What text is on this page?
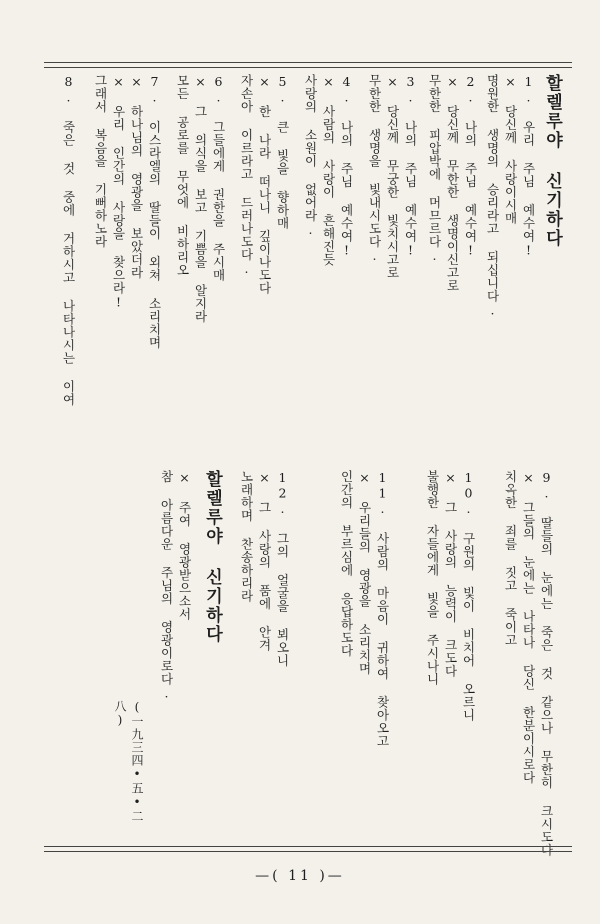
할렐루야 신기하다
1. 우리 주님 예수여!
× 당신께 사랑이시매
명원한 생명의 승리라고 되십니다.
2. 나의 주님 예수여!
× 당신께 무한한 생명이신고로
무한한 피압박에 머므르다.
3. 나의 주님 예수여!
× 당신께 무궁한 빛치시고로
무한한 생명을 빛내시도다.
4. 나의 주님 예수여!
× 사람의 사랑이 흔해진듯
사랑의 소원이 없어라.
5. 큰 빛을 향하매
× 한 나라 떠나니 깊이나도다
자손아 이르라고 드러나도다.
6. 그들에게 권한을 주시매
× 그 의식을 보고 기쁨을 알지라
모든 공로를 무엇에 비하리오
7. 이스라엘의 딸들이 외쳐 소리치며
× 하나님의 영광을 보았더라
× 우리 인간의 사랑을 찾으라!
그래서 복음을 기뻐하노라
8. 죽은 것 중에 거하시고 나타나시는 이여
9. 딸들의 눈에는 죽은 것 같으나 무한히 크시도다
× 그들의 눈에는 나타나 당신 한분이시로다
치옥한 죄를 짓고 죽이고
10. 구원의 빛이 비치어 오르니
× 그 사랑의 능력이 크도다
불행한 자들에게 빛을 주시나니
11. 사람의 마음이 귀하여 찾아오고
× 우리들의 영광을 소리치며
인간의 부르심에 응답하도다
12. 그의 얼굴을 뵈오니
× 그 사랑의 품에 안겨
노래하며 찬송하리라
할렐루야 신기하다
× 주여 영광받으소서
참 아름다운 주님의 영광이로다.
(一九三四•五•二八)
—( 11 )—
